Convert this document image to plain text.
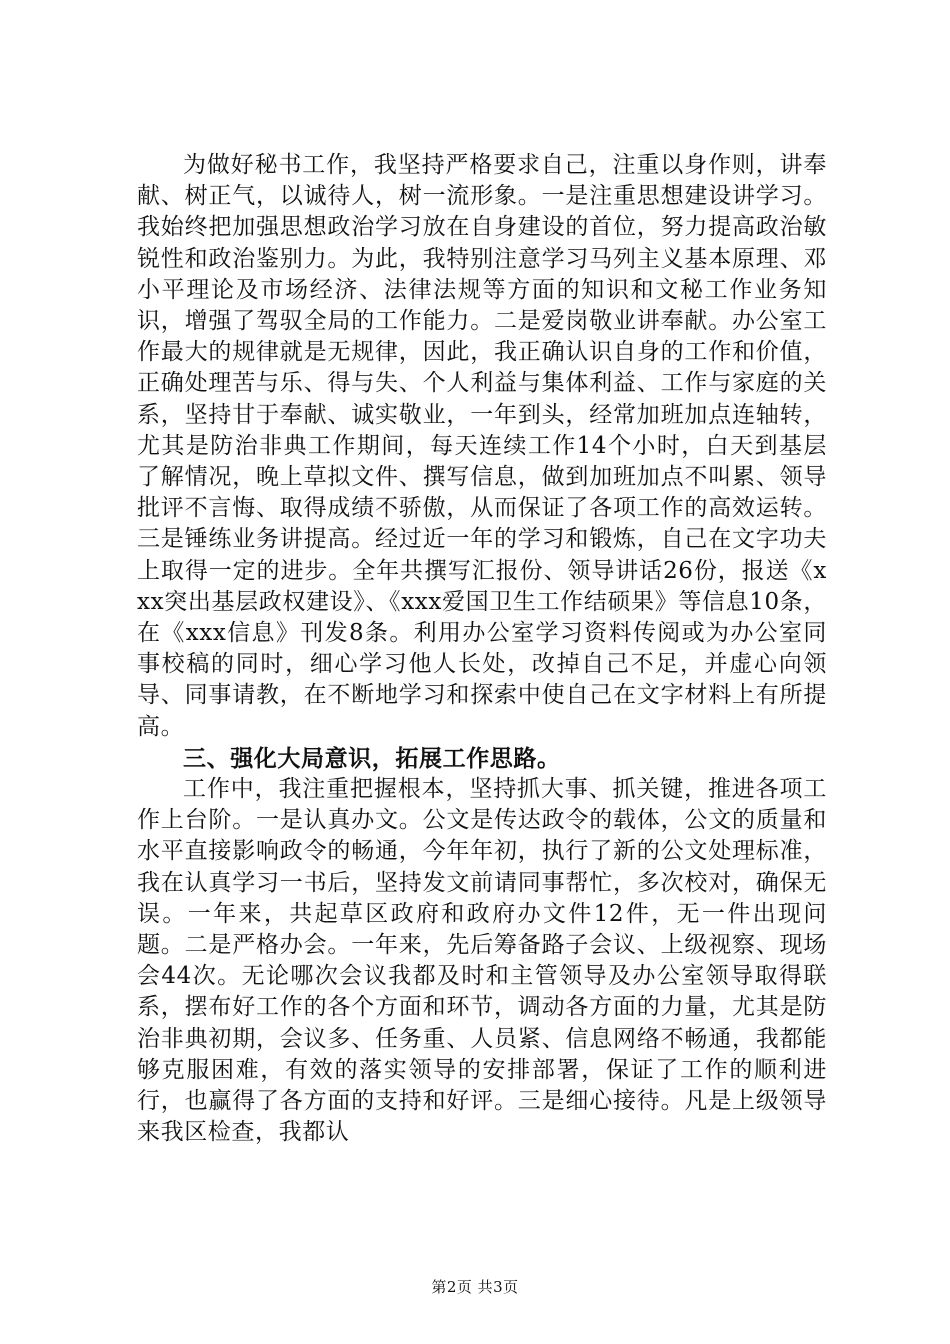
为做好秘书工作，我坚持严格要求自己，注重以身作则，讲奉献、树正气，以诚待人，树一流形象。一是注重思想建设讲学习。我始终把加强思想政治学习放在自身建设的首位，努力提高政治敏锐性和政治鉴别力。为此，我特别注意学习马列主义基本原理、邓小平理论及市场经济、法律法规等方面的知识和文秘工作业务知识，增强了驾驭全局的工作能力。二是爱岗敬业讲奉献。办公室工作最大的规律就是无规律，因此，我正确认识自身的工作和价值，正确处理苦与乐、得与失、个人利益与集体利益、工作与家庭的关系，坚持甘于奉献、诚实敬业，一年到头，经常加班加点连轴转，尤其是防治非典工作期间，每天连续工作14个小时，白天到基层了解情况，晚上草拟文件、撰写信息，做到加班加点不叫累、领导批评不言悔、取得成绩不骄傲，从而保证了各项工作的高效运转。三是锤练业务讲提高。经过近一年的学习和锻炼，自己在文字功夫上取得一定的进步。全年共撰写汇报份、领导讲话26份，报送《xxx突出基层政权建设》、《xxx爱国卫生工作结硕果》等信息10条，在《xxx信息》刊发8条。利用办公室学习资料传阅或为办公室同事校稿的同时，细心学习他人长处，改掉自己不足，并虚心向领导、同事请教，在不断地学习和探索中使自己在文字材料上有所提高。

三、强化大局意识，拓展工作思路。

工作中，我注重把握根本，坚持抓大事、抓关键，推进各项工作上台阶。一是认真办文。公文是传达政令的载体，公文的质量和水平直接影响政令的畅通，今年年初，执行了新的公文处理标准，我在认真学习一书后，坚持发文前请同事帮忙，多次校对，确保无误。一年来，共起草区政府和政府办文件12件，无一件出现问题。二是严格办会。一年来，先后筹备路子会议、上级视察、现场会44次。无论哪次会议我都及时和主管领导及办公室领导取得联系，摆布好工作的各个方面和环节，调动各方面的力量，尤其是防治非典初期，会议多、任务重、人员紧、信息网络不畅通，我都能够克服困难，有效的落实领导的安排部署，保证了工作的顺利进行，也赢得了各方面的支持和好评。三是细心接待。凡是上级领导来我区检查，我都认

第2页 共3页
